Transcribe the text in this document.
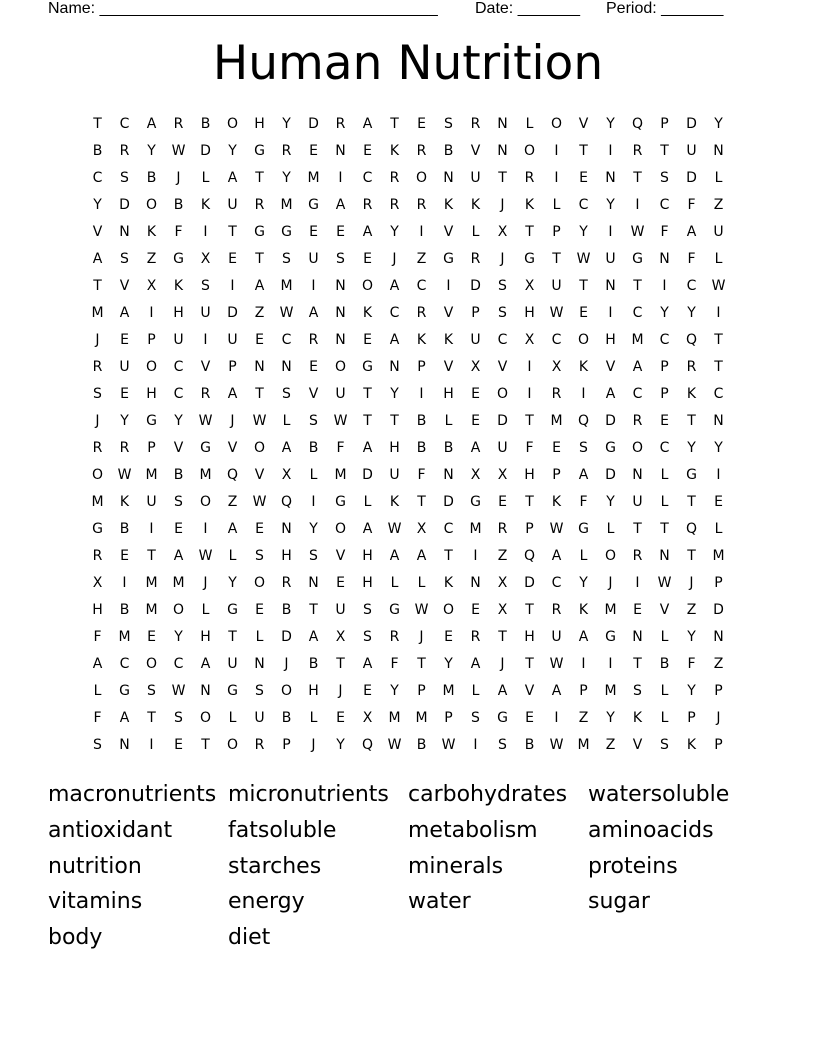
Name: ______________________________________ Date: _______ Period: _______
Human Nutrition
T	C	A	R	B	O	H	Y	D	R	A	T	E	S	R	N	L	O	V	Y	Q	P	D	Y
B	R	Y	W	D	Y	G	R	E	N	E	K	R	B	V	N	O	I	T	I	R	T	U	N
C	S	B	J	L	A	T	Y	M	I	C	R	O	N	U	T	R	I	E	N	T	S	D	L
Y	D	O	B	K	U	R	M	G	A	R	R	R	K	K	J	K	L	C	Y	I	C	F	Z
V	N	K	F	I	T	G	G	E	E	A	Y	I	V	L	X	T	P	Y	I	W	F	A	U
A	S	Z	G	X	E	T	S	U	S	E	J	Z	G	R	J	G	T	W	U	G	N	F	L
T	V	X	K	S	I	A	M	I	N	O	A	C	I	D	S	X	U	T	N	T	I	C	W
M	A	I	H	U	D	Z	W	A	N	K	C	R	V	P	S	H	W	E	I	C	Y	Y	I
J	E	P	U	I	U	E	C	R	N	E	A	K	K	U	C	X	C	O	H	M	C	Q	T
R	U	O	C	V	P	N	N	E	O	G	N	P	V	X	V	I	X	K	V	A	P	R	T
S	E	H	C	R	A	T	S	V	U	T	Y	I	H	E	O	I	R	I	A	C	P	K	C
J	Y	G	Y	W	J	W	L	S	W	T	T	B	L	E	D	T	M	Q	D	R	E	T	N
R	R	P	V	G	V	O	A	B	F	A	H	B	B	A	U	F	E	S	G	O	C	Y	Y
O	W	M	B	M	Q	V	X	L	M	D	U	F	N	X	X	H	P	A	D	N	L	G	I
M	K	U	S	O	Z	W	Q	I	G	L	K	T	D	G	E	T	K	F	Y	U	L	T	E
G	B	I	E	I	A	E	N	Y	O	A	W	X	C	M	R	P	W	G	L	T	T	Q	L
R	E	T	A	W	L	S	H	S	V	H	A	A	T	I	Z	Q	A	L	O	R	N	T	M
X	I	M	M	J	Y	O	R	N	E	H	L	L	K	N	X	D	C	Y	J	I	W	J	P
H	B	M	O	L	G	E	B	T	U	S	G	W	O	E	X	T	R	K	M	E	V	Z	D
F	M	E	Y	H	T	L	D	A	X	S	R	J	E	R	T	H	U	A	G	N	L	Y	N
A	C	O	C	A	U	N	J	B	T	A	F	T	Y	A	J	T	W	I	I	T	B	F	Z
L	G	S	W	N	G	S	O	H	J	E	Y	P	M	L	A	V	A	P	M	S	L	Y	P
F	A	T	S	O	L	U	B	L	E	X	M	M	P	S	G	E	I	Z	Y	K	L	P	J
S	N	I	E	T	O	R	P	J	Y	Q	W	B	W	I	S	B	W	M	Z	V	S	K	P
macronutrients micronutrients carbohydrates watersoluble
antioxidant	fatsoluble	metabolism	aminoacids
nutrition	starches	minerals	proteins
vitamins	energy	water	sugar
body	diet
